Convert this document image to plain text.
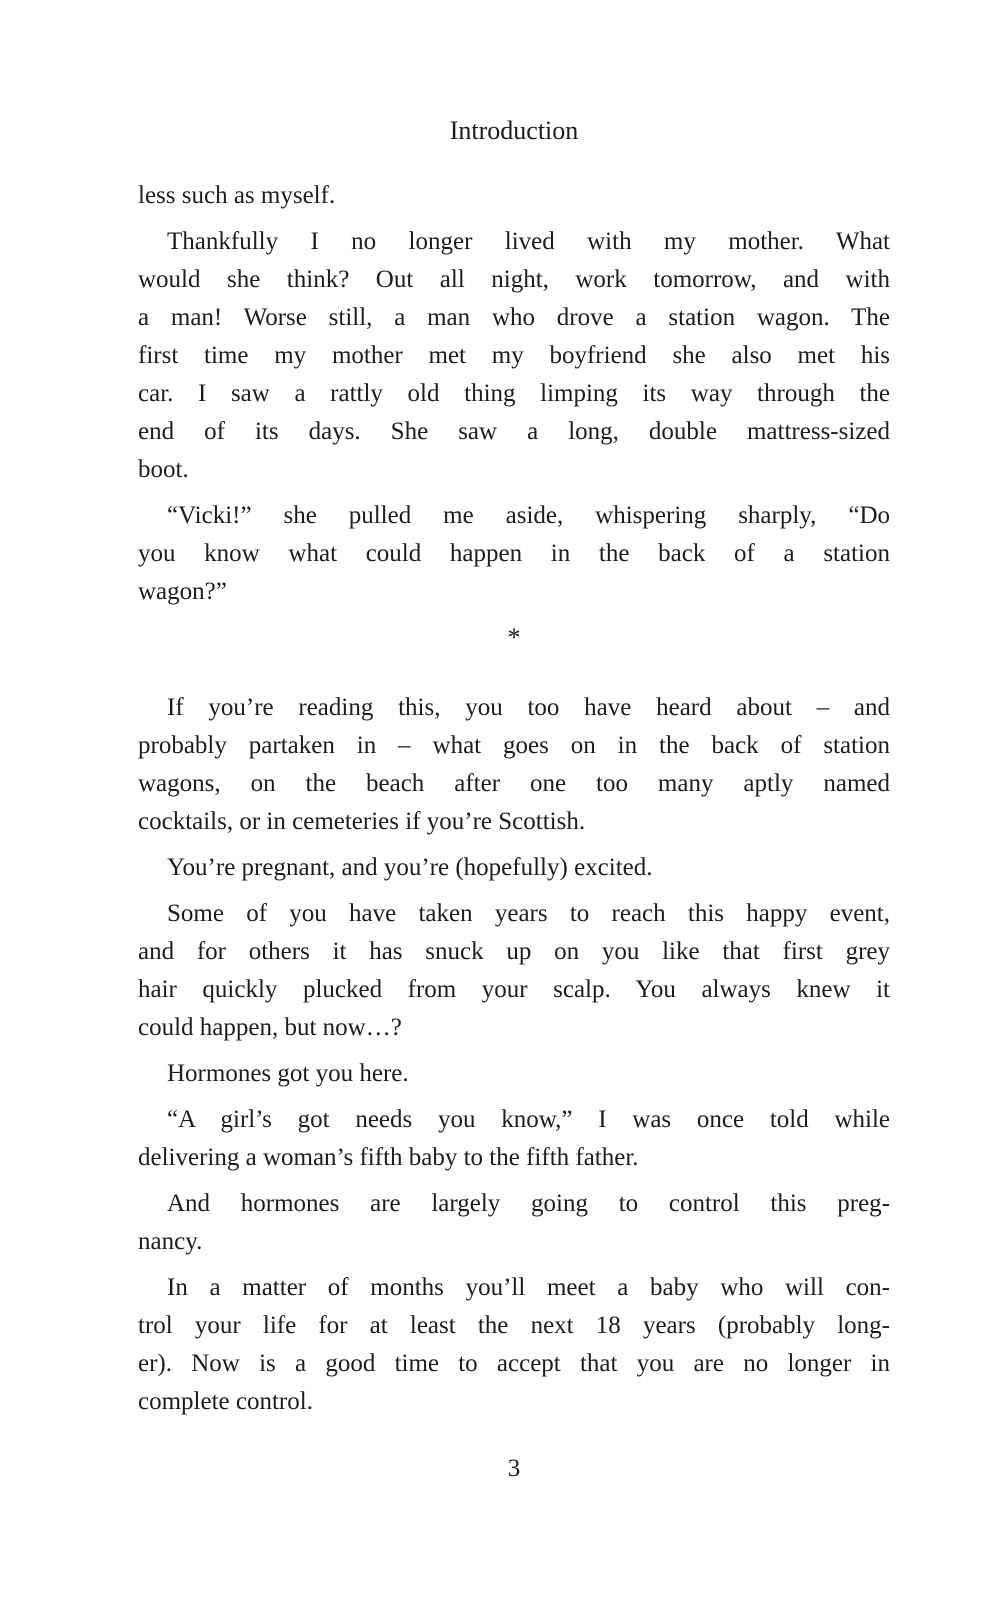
Introduction
less such as myself.
Thankfully I no longer lived with my mother. What
would she think? Out all night, work tomorrow, and with
a man! Worse still, a man who drove a station wagon. The
first time my mother met my boyfriend she also met his
car. I saw a rattly old thing limping its way through the
end of its days. She saw a long, double mattress-sized
boot.
“Vicki!” she pulled me aside, whispering sharply, “Do
you know what could happen in the back of a station
wagon?”
*
If you’re reading this, you too have heard about – and
probably partaken in – what goes on in the back of station
wagons, on the beach after one too many aptly named
cocktails, or in cemeteries if you’re Scottish.
You’re pregnant, and you’re (hopefully) excited.
Some of you have taken years to reach this happy event,
and for others it has snuck up on you like that first grey
hair quickly plucked from your scalp. You always knew it
could happen, but now…?
Hormones got you here.
“A girl’s got needs you know,” I was once told while
delivering a woman’s fifth baby to the fifth father.
And hormones are largely going to control this preg-
nancy.
In a matter of months you’ll meet a baby who will con-
trol your life for at least the next 18 years (probably long-
er). Now is a good time to accept that you are no longer in
complete control.
3
